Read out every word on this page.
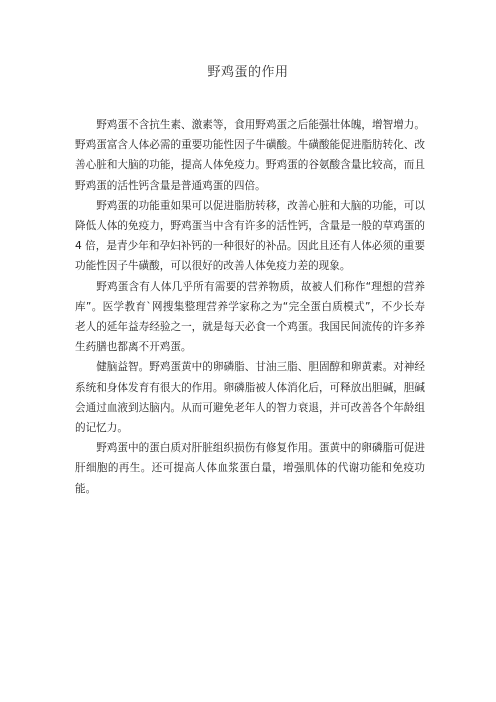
野鸡蛋的作用

野鸡蛋不含抗生素、激素等，食用野鸡蛋之后能强壮体魄，增智增力。野鸡蛋富含人体必需的重要功能性因子牛磺酸。牛磺酸能促进脂肪转化、改善心脏和大脑的功能，提高人体免疫力。野鸡蛋的谷氨酸含量比较高，而且野鸡蛋的活性钙含量是普通鸡蛋的四倍。

野鸡蛋的功能重如果可以促进脂肪转移，改善心脏和大脑的功能，可以降低人体的免疫力，野鸡蛋当中含有许多的活性钙，含量是一般的草鸡蛋的 4 倍，是青少年和孕妇补钙的一种很好的补品。因此且还有人体必须的重要功能性因子牛磺酸，可以很好的改善人体免疫力差的现象。

野鸡蛋含有人体几乎所有需要的营养物质，故被人们称作“理想的营养库”。医学教育`网搜集整理营养学家称之为“完全蛋白质模式”，不少长寿老人的延年益寿经验之一，就是每天必食一个鸡蛋。我国民间流传的许多养生药膳也都离不开鸡蛋。

健脑益智。野鸡蛋黄中的卵磷脂、甘油三脂、胆固醇和卵黄素。对神经系统和身体发育有很大的作用。卵磷脂被人体消化后，可释放出胆碱，胆碱会通过血液到达脑内。从而可避免老年人的智力衰退，并可改善各个年龄组的记忆力。

野鸡蛋中的蛋白质对肝脏组织损伤有修复作用。蛋黄中的卵磷脂可促进肝细胞的再生。还可提高人体血浆蛋白量，增强肌体的代谢功能和免疫功能。
